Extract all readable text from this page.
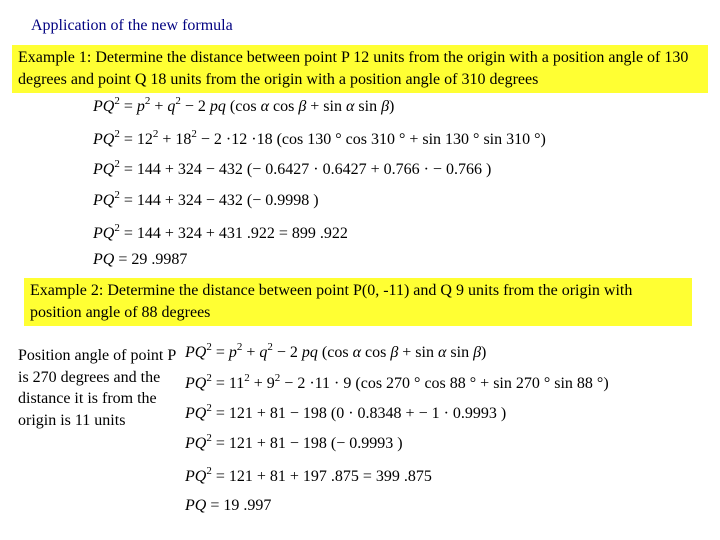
Application of the new formula
Example 1: Determine the distance between point P 12 units from the origin with a position angle of 130 degrees and point Q 18 units from the origin with a position angle of 310 degrees
$PQ^2 = p^2 + q^2 - 2$ pq (cos α cos β + sin α sin β)
$PQ^2 = 12^2 + 18^2 - 2 \cdot 12 \cdot 18$ (cos 130 ° cos 310 ° + sin 130 ° sin 310 °)
$PQ^2 = 144 + 324 - 432$ (− 0.6427 · 0.6427 + 0.766 · − 0.766 )
$PQ^2 = 144 + 324 - 432$ (− 0.9998 )
$PQ^2 = 144 + 324 + 431$ .922 = 899 .922
PQ = 29 .9987
Example 2: Determine the distance between point P(0, -11) and Q 9 units from the origin with position angle of 88 degrees
Position angle of point P is 270 degrees and the distance it is from the origin is 11 units
$PQ^2 = p^2 + q^2 - 2$ pq (cos α cos β + sin α sin β)
$PQ^2 = 11^2 + 9^2 - 2 \cdot 11 \cdot 9$ (cos 270 ° cos 88 ° + sin 270 ° sin 88 °)
$PQ^2 = 121 + 81 - 198$ (0 · 0.8348 + − 1 · 0.9993 )
$PQ^2 = 121 + 81 - 198$ (− 0.9993 )
$PQ^2 = 121 + 81 + 197$ .875 = 399 .875
PQ = 19 .997
